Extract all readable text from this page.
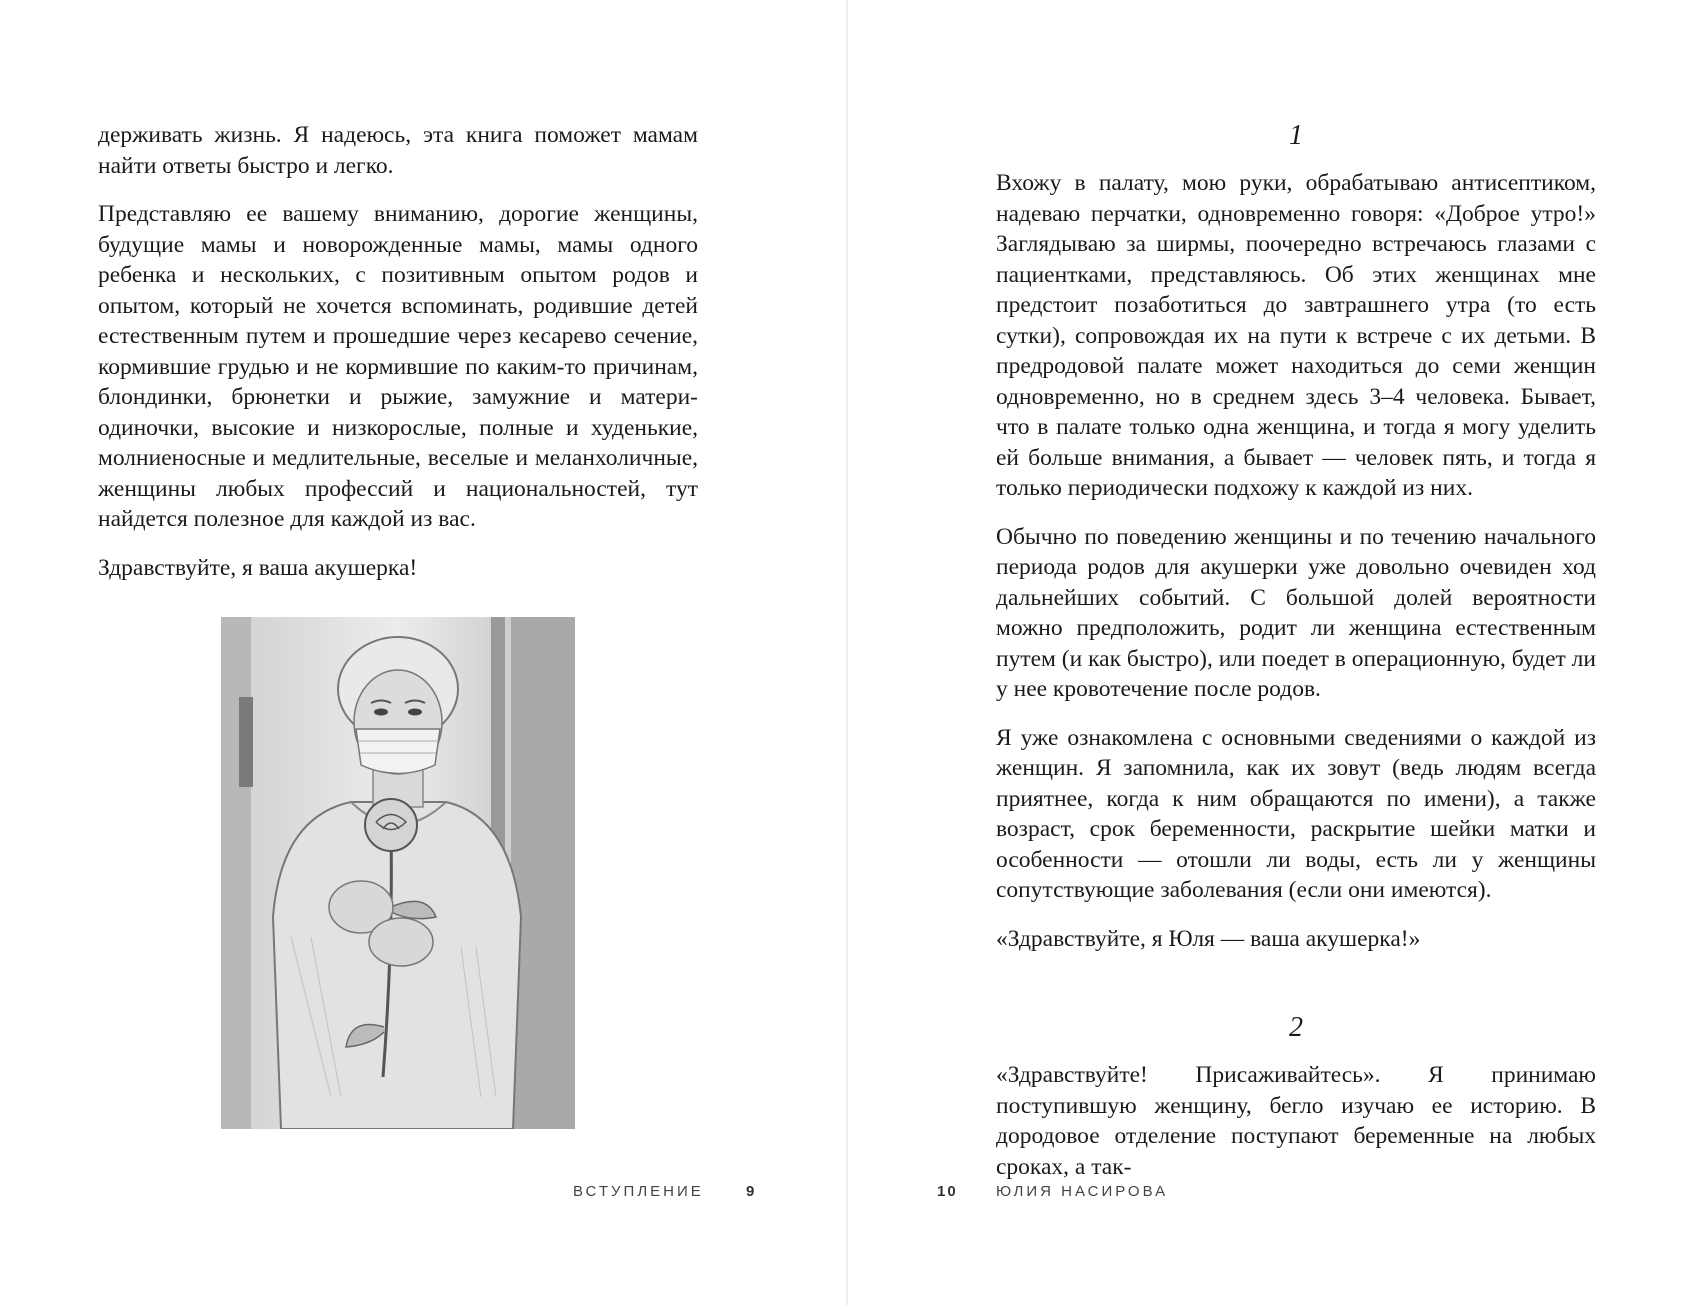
держивать жизнь. Я надеюсь, эта книга поможет мамам найти ответы быстро и легко.

Представляю ее вашему вниманию, дорогие женщины, будущие мамы и новорожденные мамы, мамы одного ребенка и нескольких, с позитивным опытом родов и опытом, который не хочется вспоминать, родившие детей естественным путем и прошедшие через кесарево сечение, кормившие грудью и не кормившие по каким-то причинам, блондинки, брюнетки и рыжие, замужние и матери-одиночки, высокие и низкорослые, полные и худенькие, молниеносные и медлительные, веселые и меланхоличные, женщины любых профессий и национальностей, тут найдется полезное для каждой из вас.

Здравствуйте, я ваша акушерка!

ВСТУПЛЕНИЕ	9
1

Вхожу в палату, мою руки, обрабатываю антисептиком, надеваю перчатки, одновременно говоря: «Доброе утро!» Заглядываю за ширмы, поочередно встречаюсь глазами с пациентками, представляюсь. Об этих женщинах мне предстоит позаботиться до завтрашнего утра (то есть сутки), сопровождая их на пути к встрече с их детьми. В предродовой палате может находиться до семи женщин одновременно, но в среднем здесь 3–4 человека. Бывает, что в палате только одна женщина, и тогда я могу уделить ей больше внимания, а бывает — человек пять, и тогда я только периодически подхожу к каждой из них.

Обычно по поведению женщины и по течению начального периода родов для акушерки уже довольно очевиден ход дальнейших событий. С большой долей вероятности можно предположить, родит ли женщина естественным путем (и как быстро), или поедет в операционную, будет ли у нее кровотечение после родов.

Я уже ознакомлена с основными сведениями о каждой из женщин. Я запомнила, как их зовут (ведь людям всегда приятнее, когда к ним обращаются по имени), а также возраст, срок беременности, раскрытие шейки матки и особенности — отошли ли воды, есть ли у женщины сопутствующие заболевания (если они имеются).

«Здравствуйте, я Юля — ваша акушерка!»

2

«Здравствуйте! Присаживайтесь». Я принимаю поступившую женщину, бегло изучаю ее историю. В дородовое отделение поступают беременные на любых сроках, а так-

10	ЮЛИЯ НАСИРОВА
